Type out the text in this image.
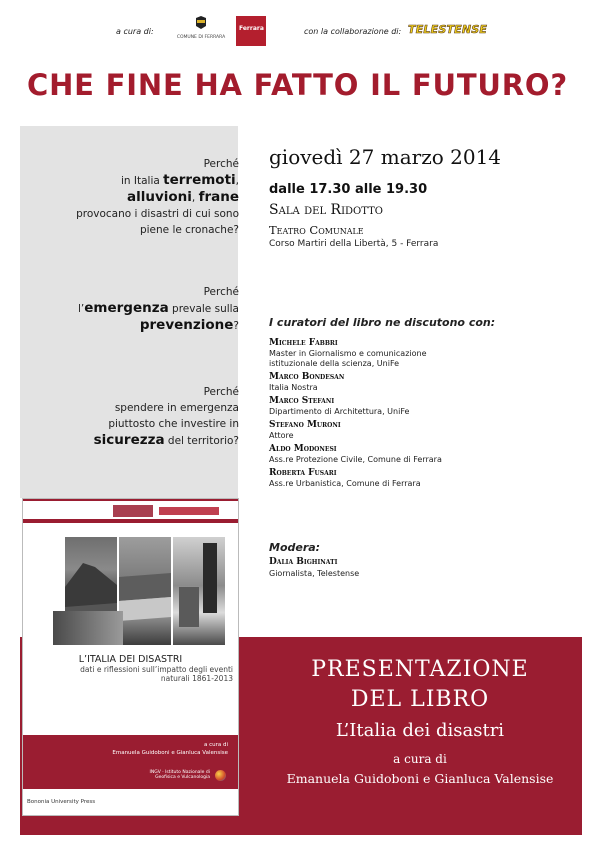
a cura di:
COMUNE DI FERRARA
Ferrara	con la collaborazione di: TELESTENSE
CHE FINE HA FATTO IL FUTURO?
Perché
in Italia terremoti,
alluvioni, frane
provocano i disastri di cui sono
piene le cronache?
Perché
l’emergenza prevale sulla
prevenzione?
Perché
spendere in emergenza
piuttosto che investire in
sicurezza del territorio?
giovedì 27 marzo 2014
dalle 17.30 alle 19.30
Sala del Ridotto
Teatro Comunale
Corso Martiri della Libertà, 5 - Ferrara
I curatori del libro ne discutono con:
Michele Fabbri
Master in Giornalismo e comunicazione istituzionale della scienza, UniFe
Marco Bondesan
Italia Nostra
Marco Stefani
Dipartimento di Architettura, UniFe
Stefano Muroni
Attore
Aldo Modonesi
Ass.re Protezione Civile, Comune di Ferrara
Roberta Fusari
Ass.re Urbanistica, Comune di Ferrara
Modera:
Dalia Bighinati
Giornalista, Telestense
PRESENTAZIONE
DEL LIBRO
L’Italia dei disastri
a cura di
Emanuela Guidoboni e Gianluca Valensise
L’ITALIA DEI DISASTRI
dati e riflessioni sull’impatto degli eventi naturali 1861-2013
a cura di
Emanuela Guidoboni e Gianluca Valensise
INGV · Istituto Nazionale di Geofisica e Vulcanologia
Bononia University Press
